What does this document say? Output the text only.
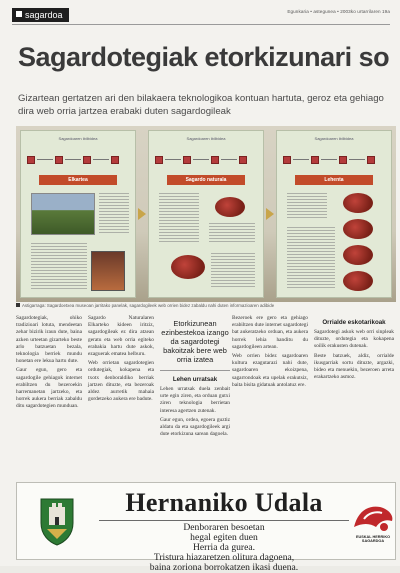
sagardoa	Egunkaria • astegunea • 2003ko urtarrilaren 19a
Sagardotegiak etorkizunari so

Gizartean gertatzen ari den bilakaera teknologikoa kontuan hartuta, geroz eta gehiago dira web orria jartzea erabaki duten sagardogileak

Sagardoaren ibilbidea
Elkartea
Sagardoaren ibilbidea
Sagardo naturala
Sagardoaren ibilbidea
Lehenta
Astigarraga: Sagardoetxea museoan jarritako panelak, sagardogileek web orrien bidez zabaldu nahi duten informazioaren adibide

Sagardotegiak, ohiko tradizioari lotuta, mendeetan zehar bizirik iraun dute, baina azken urteetan gizarteko beste arlo batzuetan bezala, teknologia berriek mundu honetan ere lekua hartu dute.

Gaur egun, gero eta sagardogile gehiagok internet erabiltzen du bezeroekin harremanetan jartzeko, eta horrek aukera berriak zabaldu ditu sagardotegien munduan.

Sagardo Naturalaren Elkarteko kideen iritziz, sagardogileak ez dira atzean geratu eta web orria egiteko erabakia hartu dute askok, ezaguerak ematea helburu.

Web orrietan sagardotegien ordutegiak, kokapena eta txotx denboraldiko berriak jartzen dituzte, eta bezeroak aldez aurretik mahaia gordetzeko aukera ere badute.

Etorkizunean ezinbestekoa izango da sagardotegi bakoitzak bere web orria izatea
Lehen urratsak

Lehen urratsak duela zenbait urte egin ziren, eta orduan gutxi ziren teknologia berrietan interesa agertzen zutenak.

Gaur egun, ordea, egoera guztiz aldatu da eta sagardogileek argi dute etorkizuna sarean dagoela.

Bezeroek ere gero eta gehiago erabiltzen dute internet sagardotegi bat aukeratzeko orduan, eta aukera horrek lehia handitu du sagardogileen artean.

Web orrien bidez sagardoaren kultura ezagutarazi nahi dute, sagardoaren ekoizpena, sagarrondoak eta upelak erakutsiz, baita bisita gidatuak antolatuz ere.

Orrialde eskotarikoak

Sagardotegi askok web orri sinpleak dituzte, ordutegia eta kokapena soilik erakusten dutenak.

Beste batzuek, aldiz, orrialde ikusgarriak sortu dituzte, argazki, bideo eta menuekin, bezeroen arreta erakartzeko asmoz.

Hernaniko Udala
Denboraren besoetan
hegal egiten duen
Herria da gurea.
Tristura hiazaretzen olitura dagoena,
baina zoriona borrokatzen ikasi duena.
EUSKAL HERRIKO SAGARDOA
